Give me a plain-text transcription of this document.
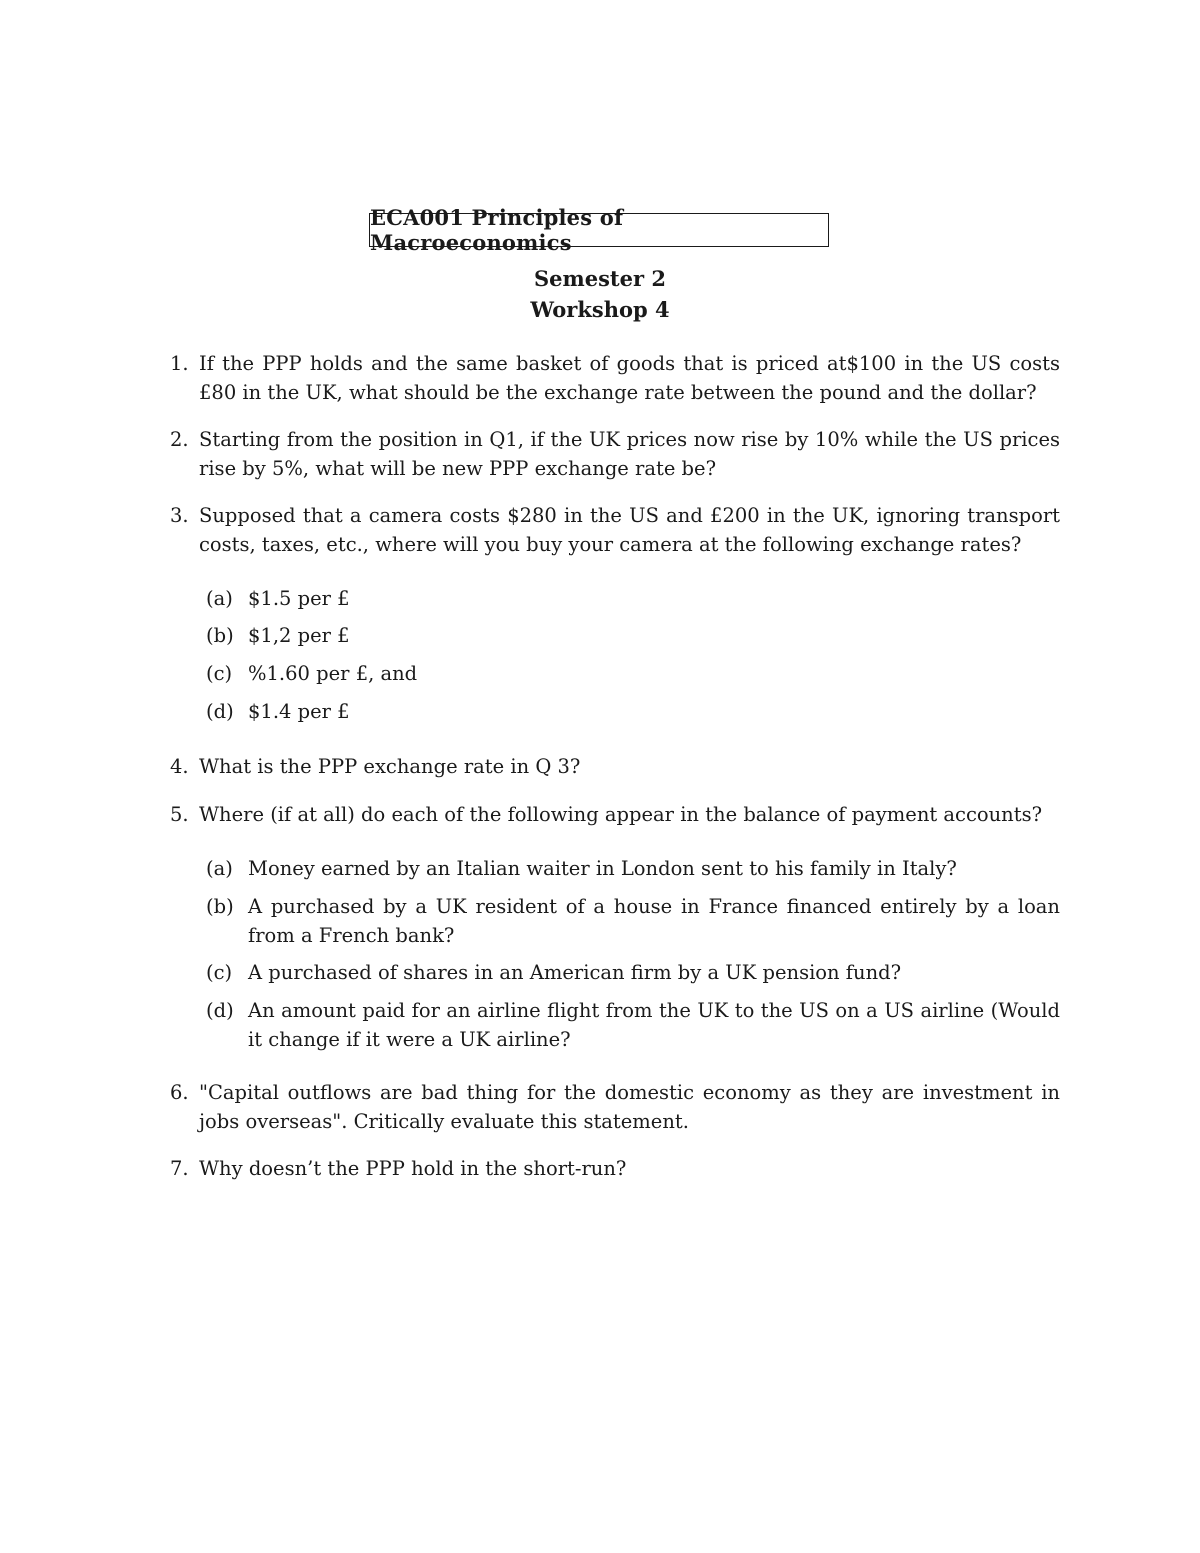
ECA001 Principles of Macroeconomics
Semester 2
Workshop 4
1. If the PPP holds and the same basket of goods that is priced at$100 in the US costs £80 in the UK, what should be the exchange rate between the pound and the dollar?
2. Starting from the position in Q1, if the UK prices now rise by 10% while the US prices rise by 5%, what will be new PPP exchange rate be?
3. Supposed that a camera costs $280 in the US and £200 in the UK, ignoring transport costs, taxes, etc., where will you buy your camera at the following exchange rates?
(a) $1.5 per £
(b) $1,2 per £
(c) %1.60 per £, and
(d) $1.4 per £
4. What is the PPP exchange rate in Q 3?
5. Where (if at all) do each of the following appear in the balance of payment accounts?
(a) Money earned by an Italian waiter in London sent to his family in Italy?
(b) A purchased by a UK resident of a house in France financed entirely by a loan from a French bank?
(c) A purchased of shares in an American firm by a UK pension fund?
(d) An amount paid for an airline flight from the UK to the US on a US airline (Would it change if it were a UK airline?
6. "Capital outflows are bad thing for the domestic economy as they are investment in jobs overseas". Critically evaluate this statement.
7. Why doesn’t the PPP hold in the short-run?
